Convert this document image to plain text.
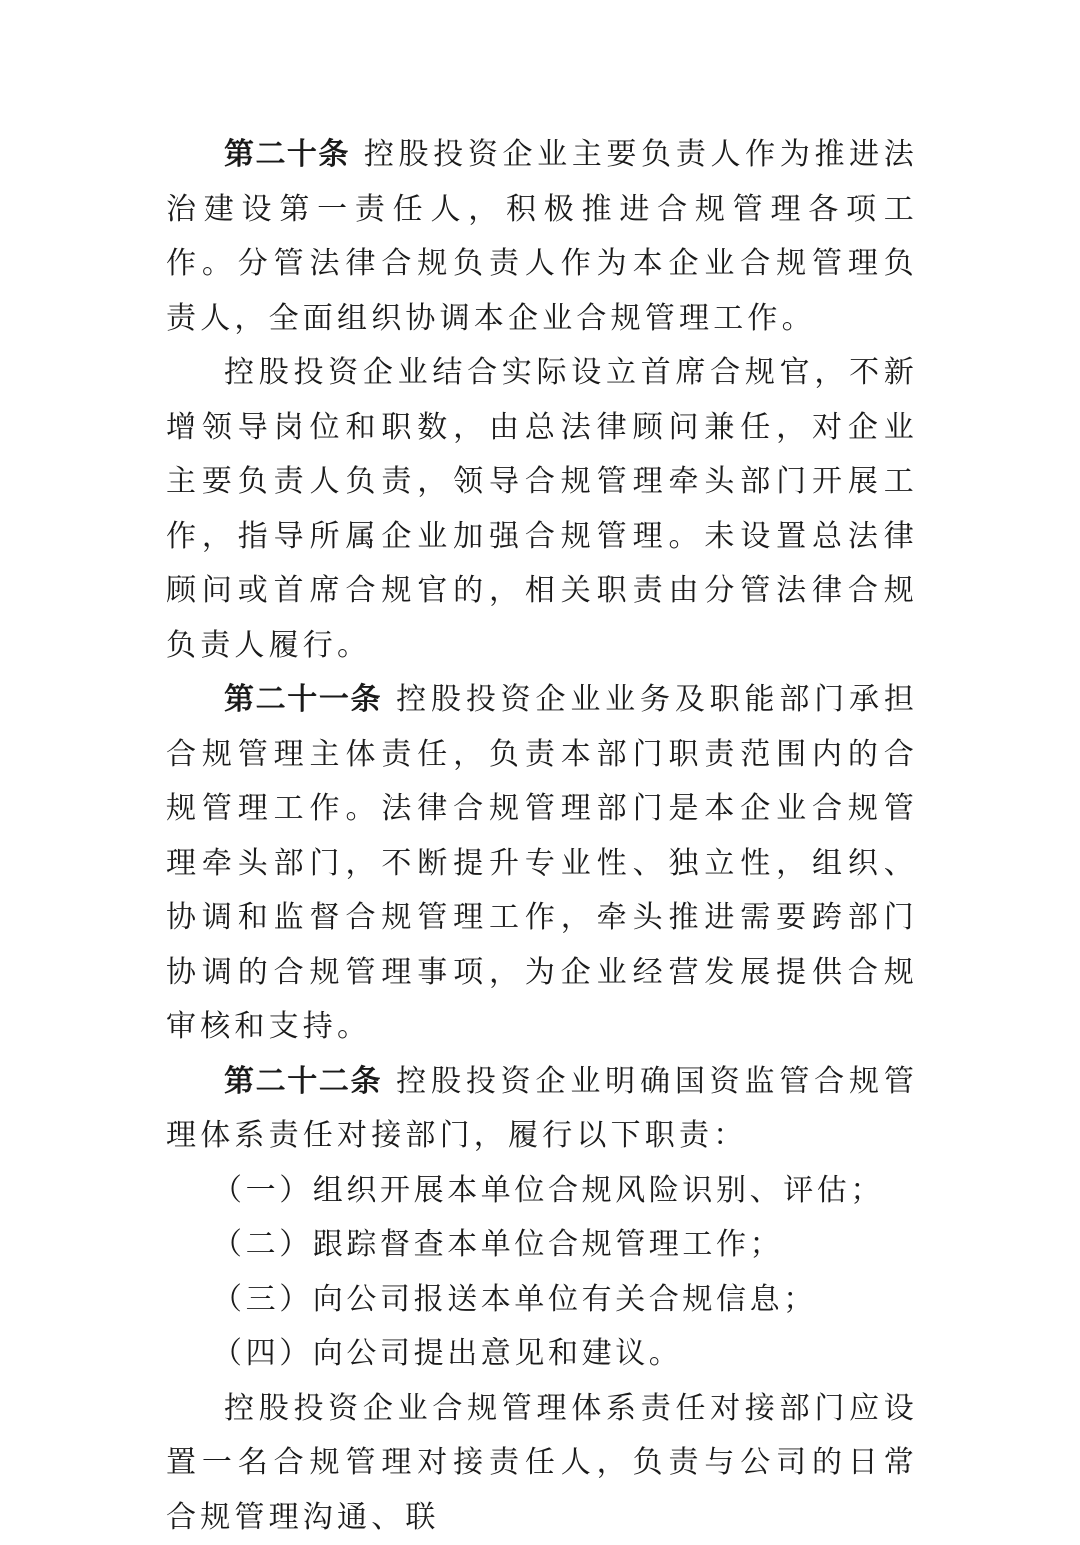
第二十条 控股投资企业主要负责人作为推进法治建设第一责任人，积极推进合规管理各项工作。分管法律合规负责人作为本企业合规管理负责人，全面组织协调本企业合规管理工作。

控股投资企业结合实际设立首席合规官，不新增领导岗位和职数，由总法律顾问兼任，对企业主要负责人负责，领导合规管理牵头部门开展工作，指导所属企业加强合规管理。未设置总法律顾问或首席合规官的，相关职责由分管法律合规负责人履行。

第二十一条 控股投资企业业务及职能部门承担合规管理主体责任，负责本部门职责范围内的合规管理工作。法律合规管理部门是本企业合规管理牵头部门，不断提升专业性、独立性，组织、协调和监督合规管理工作，牵头推进需要跨部门协调的合规管理事项，为企业经营发展提供合规审核和支持。

第二十二条 控股投资企业明确国资监管合规管理体系责任对接部门，履行以下职责：

（一）组织开展本单位合规风险识别、评估；

（二）跟踪督查本单位合规管理工作；

（三）向公司报送本单位有关合规信息；

（四）向公司提出意见和建议。

控股投资企业合规管理体系责任对接部门应设置一名合规管理对接责任人，负责与公司的日常合规管理沟通、联
